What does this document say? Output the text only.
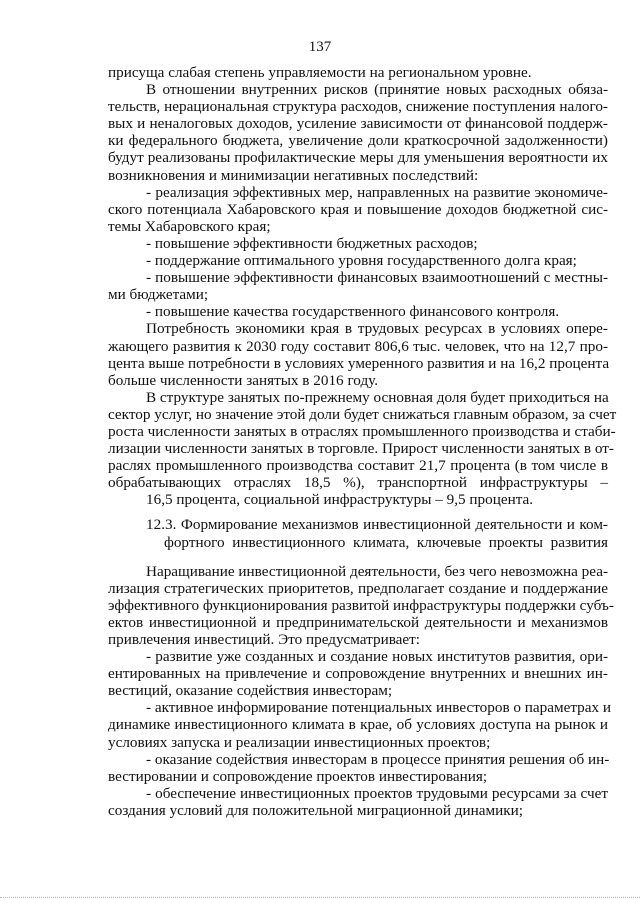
137

присуща слабая степень управляемости на региональном уровне.

В отношении внутренних рисков (принятие новых расходных обяза-
тельств, нерациональная структура расходов, снижение поступления налого-
вых и неналоговых доходов, усиление зависимости от финансовой поддерж-
ки федерального бюджета, увеличение доли краткосрочной задолженности)
будут реализованы профилактические меры для уменьшения вероятности их
возникновения и минимизации негативных последствий:

- реализация эффективных мер, направленных на развитие экономиче-
ского потенциала Хабаровского края и повышение доходов бюджетной сис-
темы Хабаровского края;

- повышение эффективности бюджетных расходов;

- поддержание оптимального уровня государственного долга края;

- повышение эффективности финансовых взаимоотношений с местны-
ми бюджетами;

- повышение качества государственного финансового контроля.

Потребность экономики края в трудовых ресурсах в условиях опере-
жающего развития к 2030 году составит 806,6 тыс. человек, что на 12,7 про-
цента выше потребности в условиях умеренного развития и на 16,2 процента
больше численности занятых в 2016 году.

В структуре занятых по-прежнему основная доля будет приходиться на
сектор услуг, но значение этой доли будет снижаться главным образом, за счет
роста численности занятых в отраслях промышленного производства и стаби-
лизации численности занятых в торговле. Прирост численности занятых в от-
раслях промышленного производства составит 21,7 процента (в том числе в
обрабатывающих отраслях 18,5 %), транспортной инфраструктуры –
16,5 процента, социальной инфраструктуры – 9,5 процента.

12.3. Формирование механизмов инвестиционной деятельности и ком-
фортного инвестиционного климата, ключевые проекты развития

Наращивание инвестиционной деятельности, без чего невозможна реа-
лизация стратегических приоритетов, предполагает создание и поддержание
эффективного функционирования развитой инфраструктуры поддержки субъ-
ектов инвестиционной и предпринимательской деятельности и механизмов
привлечения инвестиций. Это предусматривает:

- развитие уже созданных и создание новых институтов развития, ори-
ентированных на привлечение и сопровождение внутренних и внешних ин-
вестиций, оказание содействия инвесторам;

- активное информирование потенциальных инвесторов о параметрах и
динамике инвестиционного климата в крае, об условиях доступа на рынок и
условиях запуска и реализации инвестиционных проектов;

- оказание содействия инвесторам в процессе принятия решения об ин-
вестировании и сопровождение проектов инвестирования;

- обеспечение инвестиционных проектов трудовыми ресурсами за счет
создания условий для положительной миграционной динамики;
